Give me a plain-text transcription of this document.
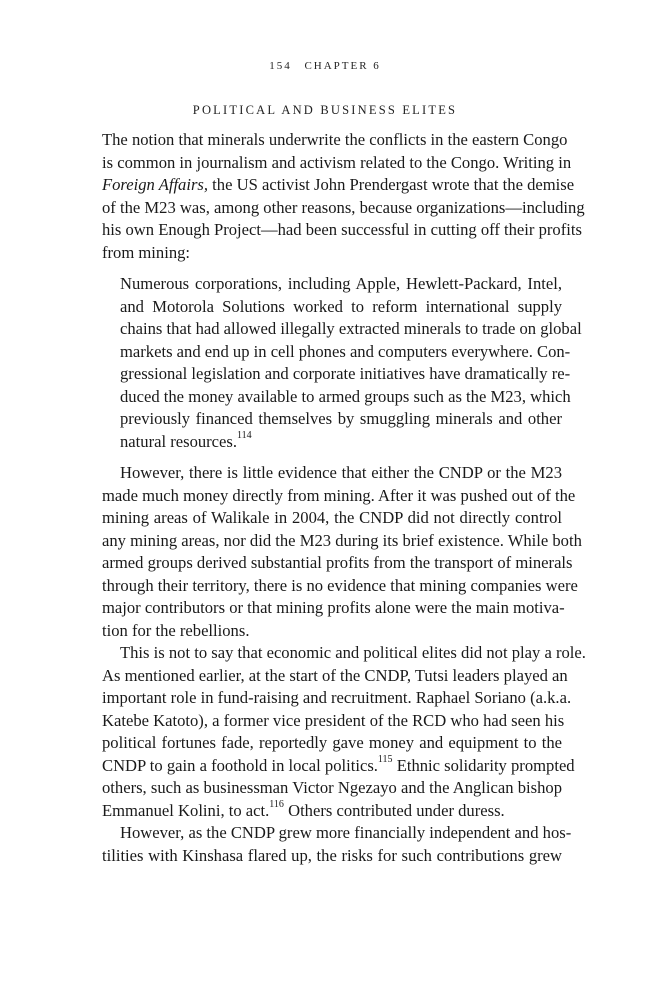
154 CHAPTER 6
POLITICAL AND BUSINESS ELITES
The notion that minerals underwrite the conflicts in the eastern Congo
is common in journalism and activism related to the Congo. Writing in
Foreign Affairs, the US activist John Prendergast wrote that the demise
of the M23 was, among other reasons, because organizations—including
his own Enough Project—had been successful in cutting off their profits
from mining:
Numerous corporations, including Apple, Hewlett-Packard, Intel,
and Motorola Solutions worked to reform international supply
chains that had allowed illegally extracted minerals to trade on global
markets and end up in cell phones and computers everywhere. Con-
gressional legislation and corporate initiatives have dramatically re-
duced the money available to armed groups such as the M23, which
previously financed themselves by smuggling minerals and other
natural resources.$^{114}$
However, there is little evidence that either the CNDP or the M23
made much money directly from mining. After it was pushed out of the
mining areas of Walikale in 2004, the CNDP did not directly control
any mining areas, nor did the M23 during its brief existence. While both
armed groups derived substantial profits from the transport of minerals
through their territory, there is no evidence that mining companies were
major contributors or that mining profits alone were the main motiva-
tion for the rebellions.
This is not to say that economic and political elites did not play a role.
As mentioned earlier, at the start of the CNDP, Tutsi leaders played an
important role in fund-raising and recruitment. Raphael Soriano (a.k.a.
Katebe Katoto), a former vice president of the RCD who had seen his
political fortunes fade, reportedly gave money and equipment to the
CNDP to gain a foothold in local politics.$^{115}$ Ethnic solidarity prompted
others, such as businessman Victor Ngezayo and the Anglican bishop
Emmanuel Kolini, to act.$^{116}$ Others contributed under duress.
However, as the CNDP grew more financially independent and hos-
tilities with Kinshasa flared up, the risks for such contributions grew
